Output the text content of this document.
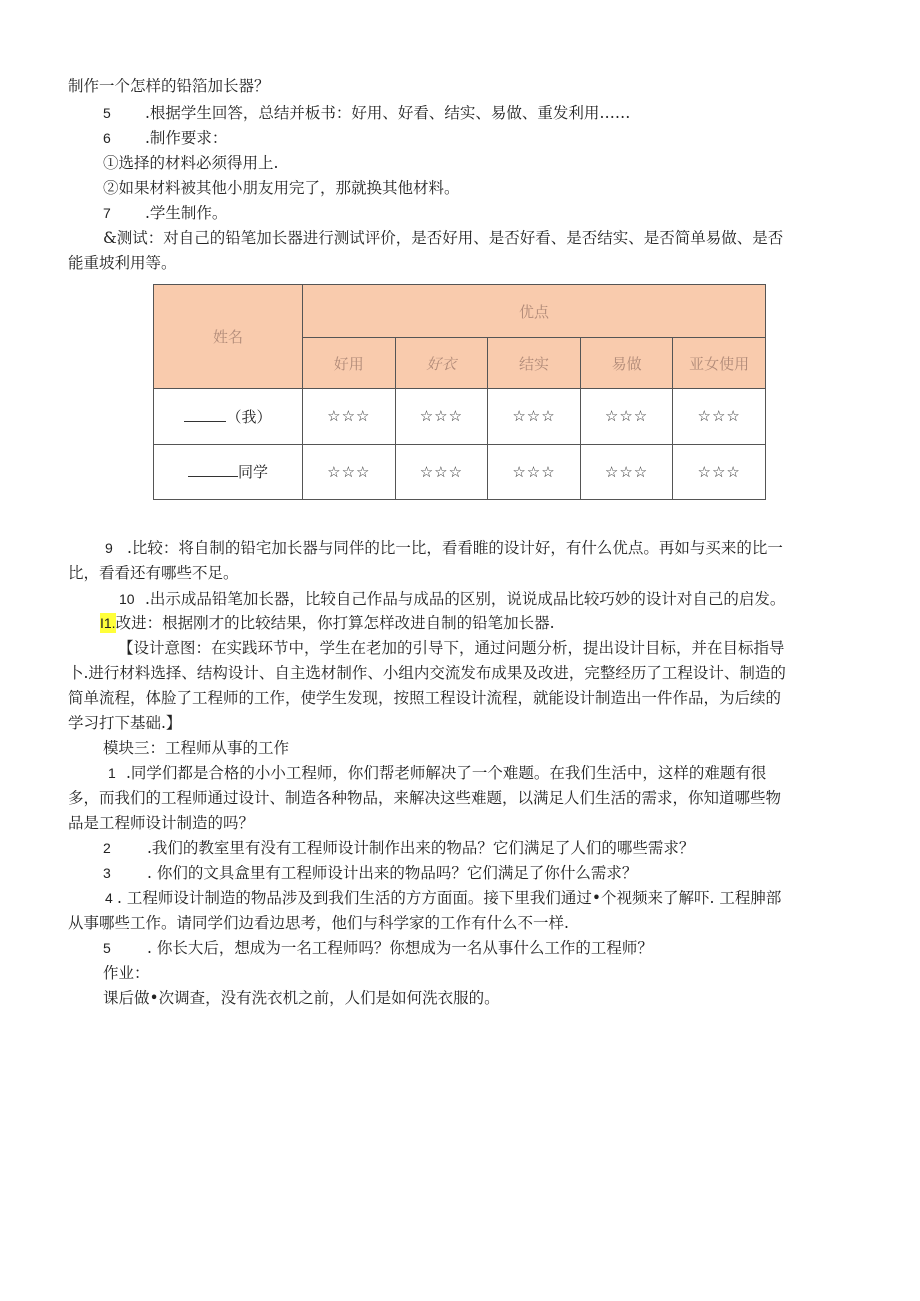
制作一个怎样的铅箔加长器？
5 .根据学生回答，总结并板书：好用、好看、结实、易做、重发利用……
6 .制作要求：
①选择的材料必须得用上.
②如果材料被其他小朋友用完了，那就换其他材料。
7 .学生制作。
&测试：对自己的铅笔加长器进行测试评价，是否好用、是否好看、是否结实、是否简单易做、是否
能重坡利用等。
姓名	优点				
	好用	好衣	结实	易做	亚女使用
（我）	☆☆☆	☆☆☆	☆☆☆	☆☆☆	☆☆☆
同学	☆☆☆	☆☆☆	☆☆☆	☆☆☆	☆☆☆
9 .比较：将自制的铅宅加长器与同伴的比一比，看看睢的设计好，有什么优点。再如与买来的比一
比，看看还有哪些不足。
10 .出示成品铅笔加长器，比较自己作品与成品的区别，说说成品比较巧妙的设计对自己的启发。
I1.改进：根据刚才的比较结果，你打算怎样改进自制的铅笔加长器.
【设计意图：在实践环节中，学生在老加的引导下，通过问题分析，提出设计目标，并在目标指导
卜.进行材料选择、结构设计、自主选材制作、小组内交流发布成果及改进，完整经历了工程设计、制造的
简单流程，体脸了工程师的工作，使学生发现，按照工程设计流程，就能设计制造出一件作品，为后续的
学习打下基础.】
模块三：工程师从事的工作
1 .同学们都是合格的小小工程师，你们帮老师解决了一个难题。在我们生活中，这样的难题有很
多，而我们的工程师通过设计、制造各种物品，来解决这些难题，以满足人们生活的需求，你知道哪些物
品是工程师设计制造的吗？
2 .我们的教室里有没有工程师设计制作出来的物品？它们满足了人们的哪些需求？
3 . 你们的文具盒里有工程师设计出来的物品吗？它们满足了你什么需求？
4 . 工程师设计制造的物品涉及到我们生活的方方面面。接下里我们通过•个视频来了解吓. 工程胂部
从事哪些工作。请同学们边看边思考，他们与科学家的工作有什么不一样.
5 . 你长大后，想成为一名工程师吗？你想成为一名从事什么工作的工程师？
作业：
课后做•次调查，没有洗衣机之前，人们是如何洗衣服的。
